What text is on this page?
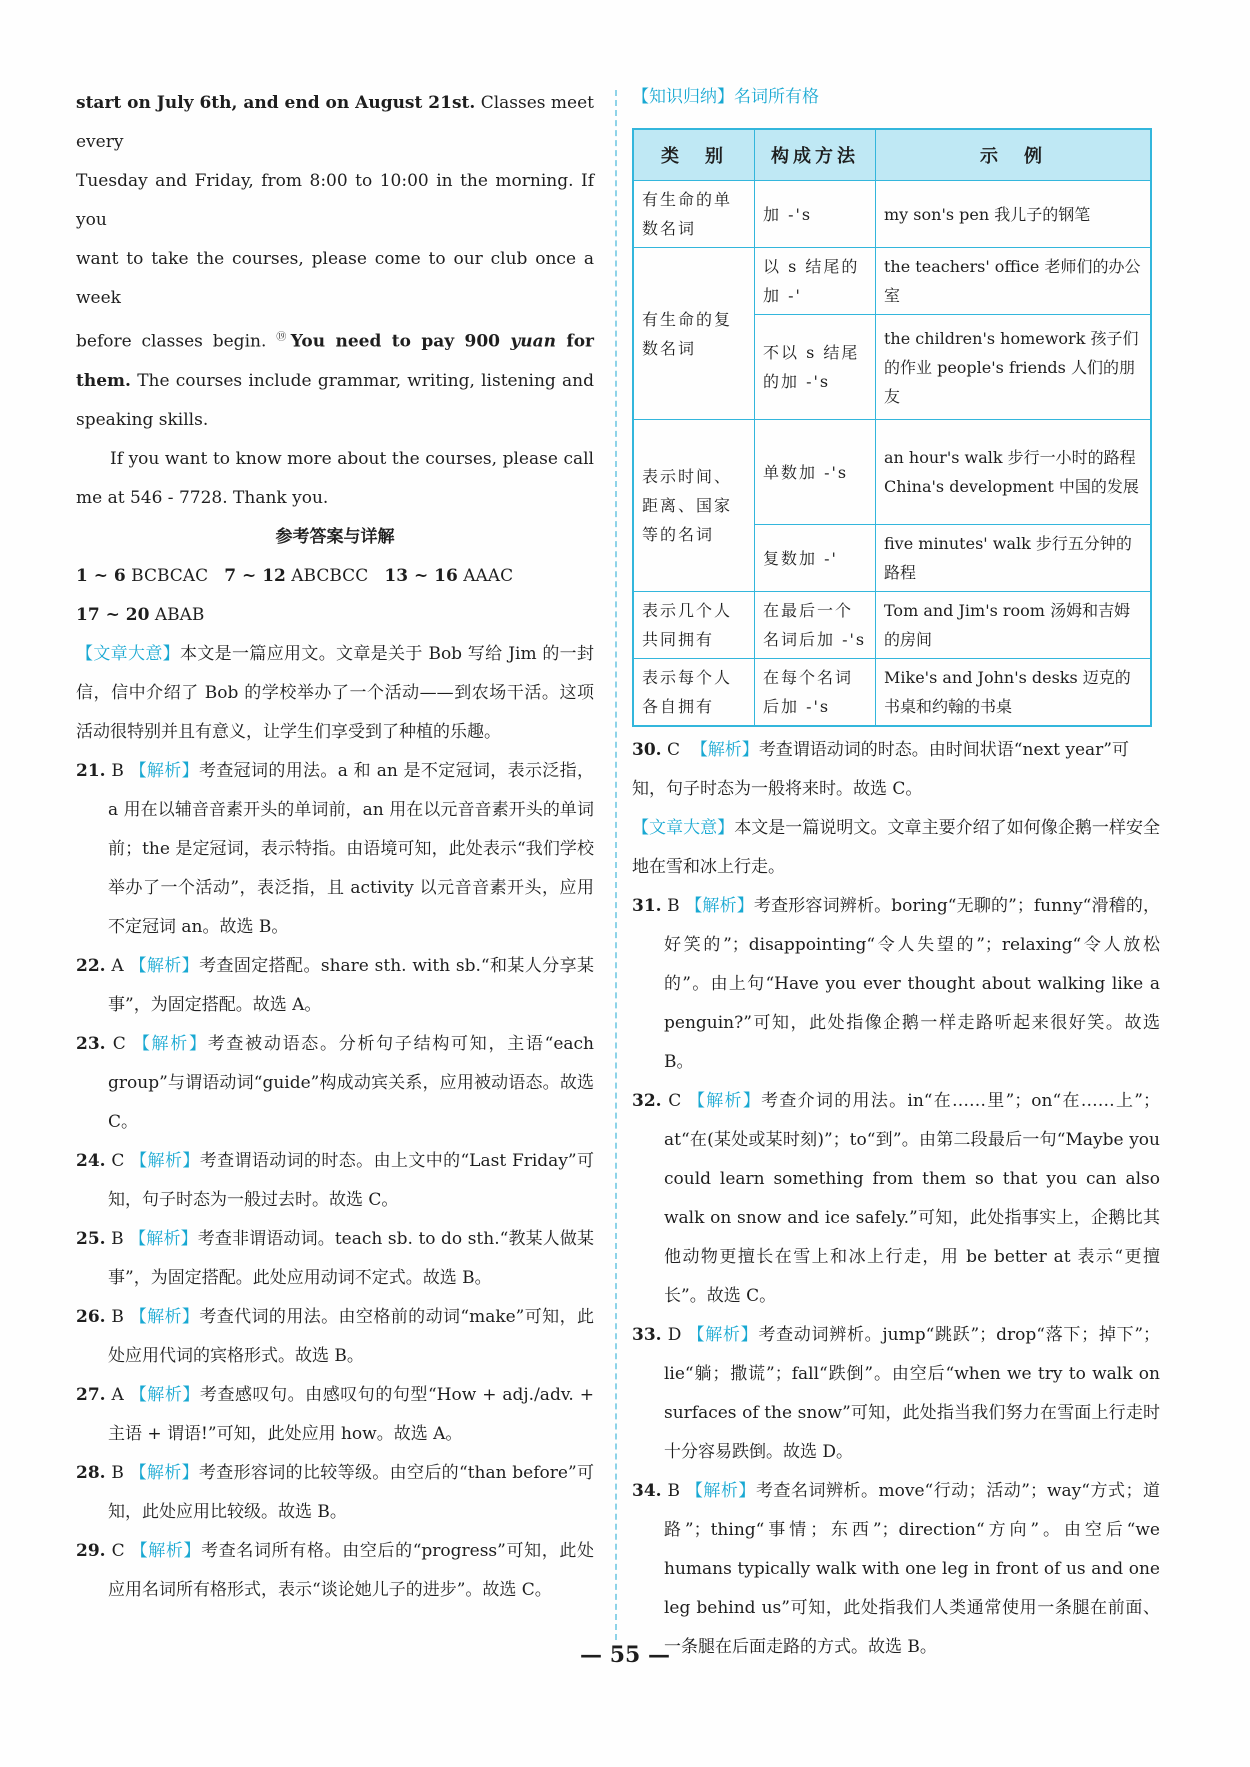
start on July 6th, and end on August 21st. Classes meet every

Tuesday and Friday, from 8:00 to 10:00 in the morning. If you

want to take the courses, please come to our club once a week

before classes begin. ⑲You need to pay 900 yuan for them. The courses include grammar, writing, listening and speaking skills.

If you want to know more about the courses, please call me at 546 - 7728. Thank you.

参考答案与详解

1 ~ 6 BCBCAC 7 ~ 12 ABCBCC 13 ~ 16 AAAC

17 ~ 20 ABAB

【文章大意】本文是一篇应用文。文章是关于 Bob 写给 Jim 的一封信，信中介绍了 Bob 的学校举办了一个活动——到农场干活。这项活动很特别并且有意义，让学生们享受到了种植的乐趣。

21. B 【解析】考查冠词的用法。a 和 an 是不定冠词，表示泛指，a 用在以辅音音素开头的单词前，an 用在以元音音素开头的单词前；the 是定冠词，表示特指。由语境可知，此处表示“我们学校举办了一个活动”，表泛指，且 activity 以元音音素开头，应用不定冠词 an。故选 B。
22. A 【解析】考查固定搭配。share sth. with sb.“和某人分享某事”，为固定搭配。故选 A。
23. C 【解析】考查被动语态。分析句子结构可知，主语“each group”与谓语动词“guide”构成动宾关系，应用被动语态。故选 C。
24. C 【解析】考查谓语动词的时态。由上文中的“Last Friday”可知，句子时态为一般过去时。故选 C。
25. B 【解析】考查非谓语动词。teach sb. to do sth.“教某人做某事”，为固定搭配。此处应用动词不定式。故选 B。
26. B 【解析】考查代词的用法。由空格前的动词“make”可知，此处应用代词的宾格形式。故选 B。
27. A 【解析】考查感叹句。由感叹句的句型“How + adj./adv. + 主语 + 谓语!”可知，此处应用 how。故选 A。
28. B 【解析】考查形容词的比较等级。由空后的“than before”可知，此处应用比较级。故选 B。
29. C 【解析】考查名词所有格。由空后的“progress”可知，此处应用名词所有格形式，表示“谈论她儿子的进步”。故选 C。
【知识归纳】名词所有格
类　别	构成方法	示　例
有生命的单数名词	加 -'s	my son's pen 我儿子的钢笔
有生命的复数名词	以 s 结尾的加 -'	the teachers' office 老师们的办公室
	不以 s 结尾的加 -'s	the children's homework 孩子们的作业 people's friends 人们的朋友
表示时间、距离、国家等的名词	单数加 -'s	an hour's walk 步行一小时的路程 China's development 中国的发展
	复数加 -'	five minutes' walk 步行五分钟的路程
表示几个人共同拥有	在最后一个名词后加 -'s	Tom and Jim's room 汤姆和吉姆的房间
表示每个人各自拥有	在每个名词后加 -'s	Mike's and John's desks 迈克的书桌和约翰的书桌
30. C 【解析】考查谓语动词的时态。由时间状语“next year”可知，句子时态为一般将来时。故选 C。

【文章大意】本文是一篇说明文。文章主要介绍了如何像企鹅一样安全地在雪和冰上行走。

31. B 【解析】考查形容词辨析。boring“无聊的”；funny“滑稽的，好笑的”；disappointing“令人失望的”；relaxing“令人放松的”。由上句“Have you ever thought about walking like a penguin?”可知，此处指像企鹅一样走路听起来很好笑。故选 B。
32. C 【解析】考查介词的用法。in“在……里”；on“在……上”；at“在(某处或某时刻)”；to“到”。由第二段最后一句“Maybe you could learn something from them so that you can also walk on snow and ice safely.”可知，此处指事实上，企鹅比其他动物更擅长在雪上和冰上行走，用 be better at 表示“更擅长”。故选 C。
33. D 【解析】考查动词辨析。jump“跳跃”；drop“落下；掉下”；lie“躺；撒谎”；fall“跌倒”。由空后“when we try to walk on surfaces of the snow”可知，此处指当我们努力在雪面上行走时十分容易跌倒。故选 D。
34. B 【解析】考查名词辨析。move“行动；活动”；way“方式；道路”；thing“事情；东西”；direction“方向”。由空后“we humans typically walk with one leg in front of us and one leg behind us”可知，此处指我们人类通常使用一条腿在前面、一条腿在后面走路的方式。故选 B。
— 55 —
